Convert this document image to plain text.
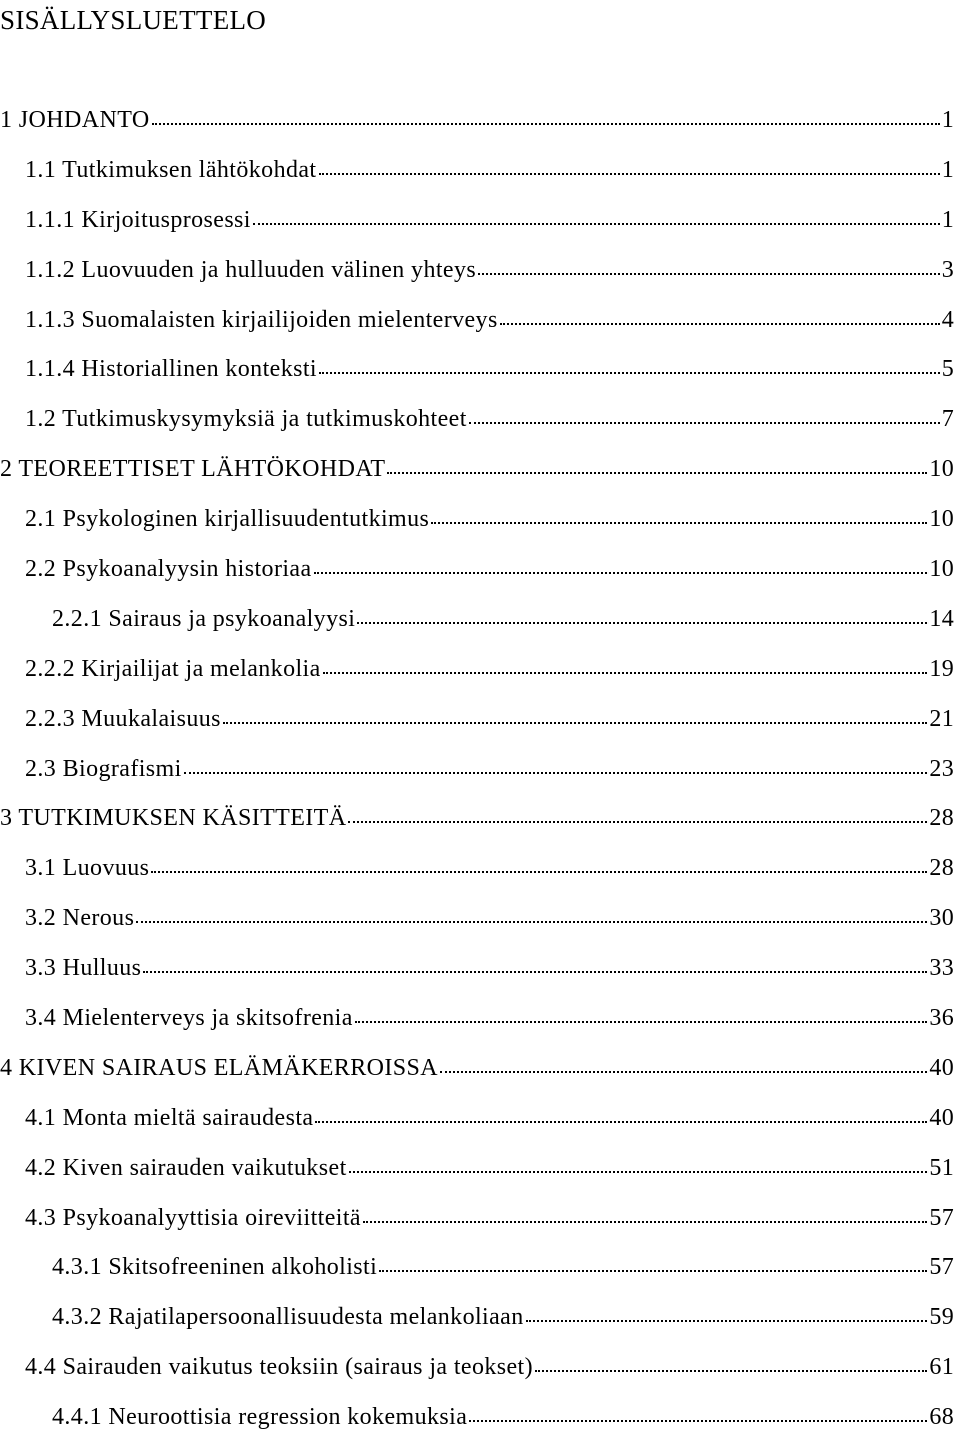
SISÄLLYSLUETTELO
1 JOHDANTO	1
1.1 Tutkimuksen lähtökohdat	1
1.1.1 Kirjoitusprosessi	1
1.1.2 Luovuuden ja hulluuden välinen yhteys	3
1.1.3 Suomalaisten kirjailijoiden mielenterveys	4
1.1.4 Historiallinen konteksti	5
1.2 Tutkimuskysymyksiä ja tutkimuskohteet	7
2 TEOREETTISET LÄHTÖKOHDAT	10
2.1 Psykologinen kirjallisuudentutkimus	10
2.2 Psykoanalyysin historiaa	10
2.2.1 Sairaus ja psykoanalyysi	14
2.2.2 Kirjailijat ja melankolia	19
2.2.3 Muukalaisuus	21
2.3 Biografismi	23
3 TUTKIMUKSEN KÄSITTEITÄ	28
3.1 Luovuus	28
3.2 Nerous	30
3.3 Hulluus	33
3.4 Mielenterveys ja skitsofrenia	36
4 KIVEN SAIRAUS ELÄMÄKERROISSA	40
4.1 Monta mieltä sairaudesta	40
4.2 Kiven sairauden vaikutukset	51
4.3 Psykoanalyyttisia oireviitteitä	57
4.3.1 Skitsofreeninen alkoholisti	57
4.3.2 Rajatilapersoonallisuudesta melankoliaan	59
4.4 Sairauden vaikutus teoksiin (sairaus ja teokset)	61
4.4.1 Neuroottisia regression kokemuksia	68
